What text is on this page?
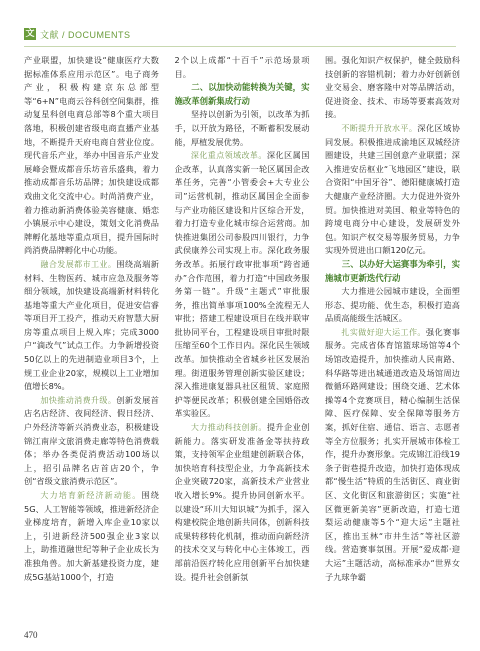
文 文献 / DOCUMENTS

产业联盟，加快建设“健康医疗大数据标准体系应用示范区”。电子商务产业，积极构建京东总部型等“6+N”电商云谷科创空间集群，推动复星科创电商总部等8个重大项目落地，积极创建省级电商直播产业基地，不断提升天府电商自营业位度。现代音乐产业，举办中国音乐产业发展峰会暨成都音乐坊音乐盛典，着力推动成都音乐坊品牌；加快建设成都戏曲文化交流中心。时尚消费产业，着力推动新消费体验美容健康、婚恋小镇展示中心建设，策划文化消费品牌孵化基地等重点项目，提升国际时尚消费品牌孵化中心功能。

融合发展都市工业。围绕高端新材料、生物医药、城市应急及服务等细分领域，加快建设高端新材料转化基地等重大产业化项目，促进安信睿等项目开工投产，推动天府智慧大厨房等重点项目上规入库；完成3000户“滴改气”试点工作。力争新增投资50亿以上的先进制造业项目3个，上规工业企业20家，规模以上工业增加值增长8%。

加快推动消费升级。创新发展首店名店经济、夜间经济、假日经济、户外经济等新兴消费业态，积极建设锦江南岸文旅消费走廊等特色消费载体；举办各类促消费活动100场以上，招引品牌名店首店20个，争创“省级文旅消费示范区”。

大力培育新经济新动能。围绕5G、人工智能等领域，推进新经济企业梯度培育，新增入库企业10家以上，引进新经济500强企业3家以上，助推道融世纪等种子企业成长为准独角兽。加大新基建投资力度，建成5G基站1000个，打造

2个以上成都“十百千”示范场景项目。

二、以加快动能转换为关键，实施改革创新集成行动

坚持以创新为引领，以改革为抓手，以开放为路径，不断蓄积发展动能，厚植发展优势。

深化重点领域改革。深化区属国企改革，认真落实新一轮区属国企改革任务，完善“小管委会+大专业公司”运营机制，推动区属国企全面参与产业功能区建设和片区综合开发，着力打造专业化城市综合运营商。加快推进集团公司参股四川银行，力争武侯康养公司实现上市。深化政务服务改革。拓展行政审批事项“跨省通办”合作范围，着力打造“中国政务服务第一链”。升级“主题式”审批服务，推出简单事项100%全流程无人审批；搭建工程建设项目在线并联审批协同平台，工程建设项目审批时限压缩至60个工作日内。深化民生领域改革。加快推动全省城乡社区发展治理。街道服务管理创新实验区建设；深入推进康复器具社区租赁、家庭照护等便民改革；积极创建全国婚俗改革实验区。

大力推动科技创新。提升企业创新能力。落实研发准备金等扶持政策，支持领军企业组建创新联合体，加快培育科技型企业，力争高新技术企业突破720家，高新技术产业营业收入增长9%。提升协同创新水平。以建设“环川大知识城”为抓手，深入构建校院企地创新共同体，创新科技成果转移转化机制，推动面向新经济的技术交叉与转化中心主体竣工，西部前沿医疗转化应用创新平台加快建设。提升社会创新氛

围。强化知识产权保护，健全鼓励科技创新的容错机制；着力办好创新创业交易会、磨客隆中对等品牌活动，促进资金、技术、市场等要素高效对接。

不断提升开放水平。深化区域协同发展。积极推进成渝地区双城经济圈建设，共建三国创意产业联盟；深入推进安岳枢业“飞地园区”建设，联合资阳“中国牙谷”、德阳健康城打造大健康产业经济圈。大力促进外资外贸。加快推进对美国、粮业等特色的跨境电商分中心建设，发展研发外包。知识产权交易等服务贸易，力争实现外贸进出口额120亿元。

三、以办好大运赛事为牵引，实施城市更新迭代行动

大力推进公园城市建设，全面塑形态、提功能、优生态，积极打造高品质高能级生活城区。

扎实做好迎大运工作。强化赛事服务。完成省体育馆篮球场馆等4个场馆改造提升，加快推动人民南路、科华路等进出城通道改造及场馆周边微循环路网建设；围绕交通、艺术体操等4个竞赛项目，精心编制生活保障、医疗保障、安全保障等服务方案，抓好住宿、通信、语言、志愿者等全方位服务；扎实开展城市体检工作，提升办赛形象。完成锦江沿线19条子街巷提升改造，加快打造体现成都“慢生活”特质的生活街区、商业街区、文化街区和旅游街区；实施“社区微更新美容”更新改造，打造七道梨运动健康等5个“迎大运”主题社区，推出玉林“市井生活”等社区游线。营造赛事氛围。开展“爱成都·迎大运”主题活动，高标准承办“世界女子九球争霸

470
